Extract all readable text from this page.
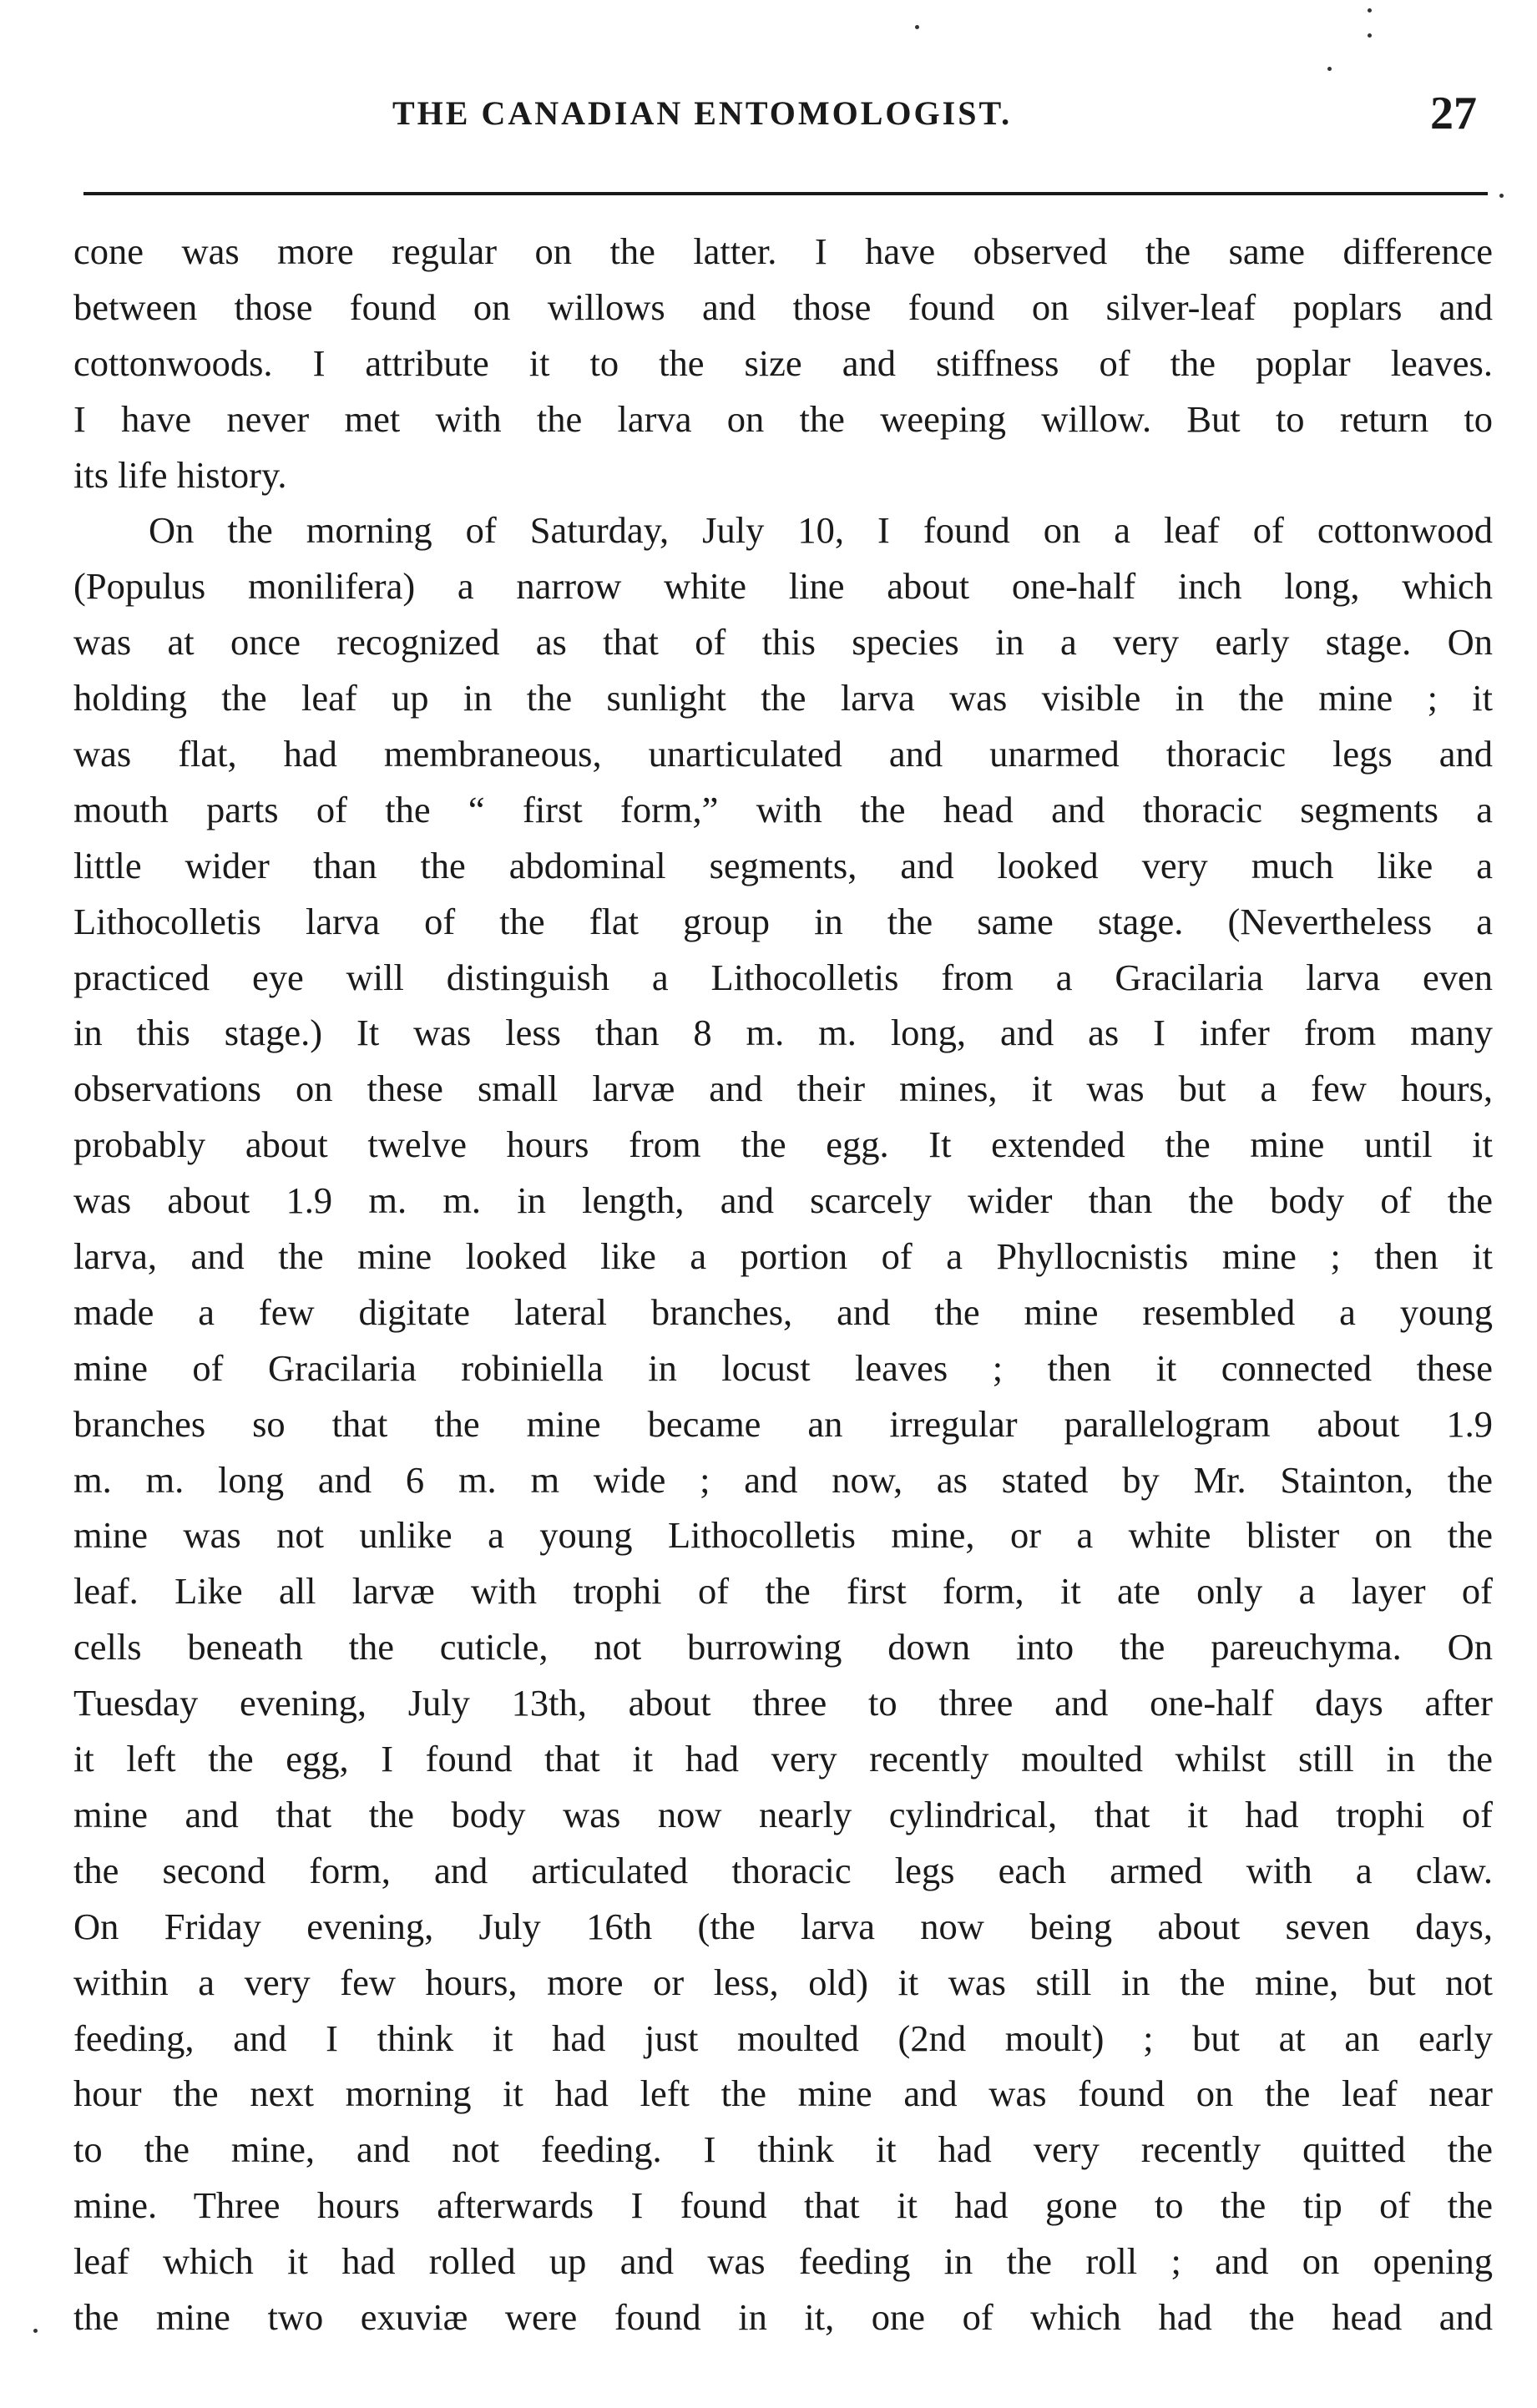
THE CANADIAN ENTOMOLOGIST.	27
cone was more regular on the latter. I have observed the same difference
between those found on willows and those found on silver-leaf poplars and
cottonwoods. I attribute it to the size and stiffness of the poplar leaves.
I have never met with the larva on the weeping willow. But to return to
its life history.
On the morning of Saturday, July 10, I found on a leaf of cottonwood
(Populus monilifera) a narrow white line about one-half inch long, which
was at once recognized as that of this species in a very early stage. On
holding the leaf up in the sunlight the larva was visible in the mine ; it
was flat, had membraneous, unarticulated and unarmed thoracic legs and
mouth parts of the “ first form,” with the head and thoracic segments a
little wider than the abdominal segments, and looked very much like a
Lithocolletis larva of the flat group in the same stage. (Nevertheless a
practiced eye will distinguish a Lithocolletis from a Gracilaria larva even
in this stage.) It was less than 8 m. m. long, and as I infer from many
observations on these small larvæ and their mines, it was but a few hours,
probably about twelve hours from the egg. It extended the mine until it
was about 1.9 m. m. in length, and scarcely wider than the body of the
larva, and the mine looked like a portion of a Phyllocnistis mine ; then it
made a few digitate lateral branches, and the mine resembled a young
mine of Gracilaria robiniella in locust leaves ; then it connected these
branches so that the mine became an irregular parallelogram about 1.9
m. m. long and 6 m. m wide ; and now, as stated by Mr. Stainton, the
mine was not unlike a young Lithocolletis mine, or a white blister on the
leaf. Like all larvæ with trophi of the first form, it ate only a layer of
cells beneath the cuticle, not burrowing down into the pareuchyma. On
Tuesday evening, July 13th, about three to three and one-half days after
it left the egg, I found that it had very recently moulted whilst still in the
mine and that the body was now nearly cylindrical, that it had trophi of
the second form, and articulated thoracic legs each armed with a claw.
On Friday evening, July 16th (the larva now being about seven days,
within a very few hours, more or less, old) it was still in the mine, but not
feeding, and I think it had just moulted (2nd moult) ; but at an early
hour the next morning it had left the mine and was found on the leaf near
to the mine, and not feeding. I think it had very recently quitted the
mine. Three hours afterwards I found that it had gone to the tip of the
leaf which it had rolled up and was feeding in the roll ; and on opening
the mine two exuviæ were found in it, one of which had the head and
